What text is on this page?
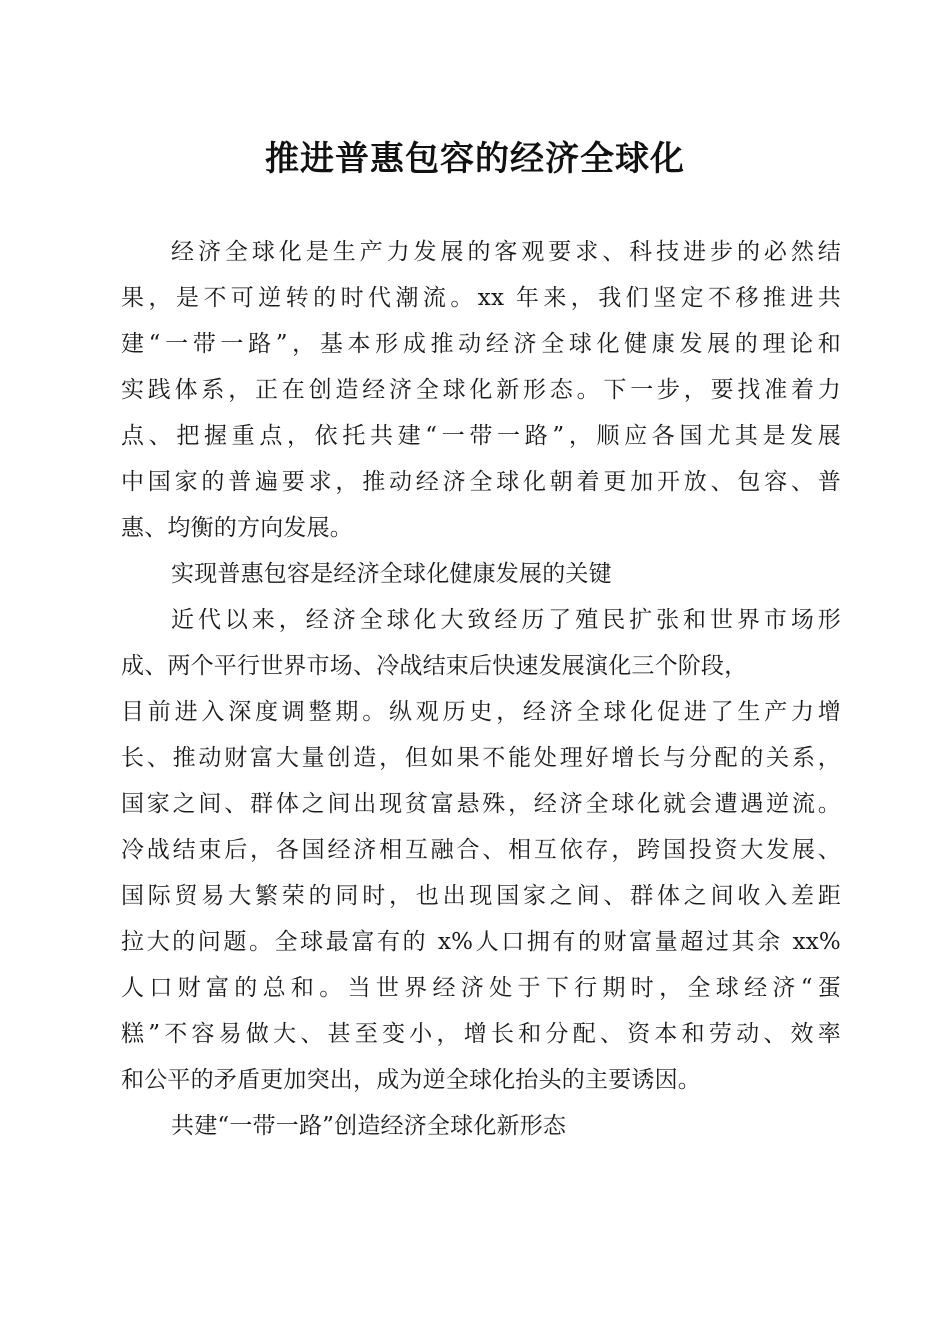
推进普惠包容的经济全球化
经济全球化是生产力发展的客观要求、科技进步的必然结
果，是不可逆转的时代潮流。xx 年来，我们坚定不移推进共
建“一带一路”，基本形成推动经济全球化健康发展的理论和
实践体系，正在创造经济全球化新形态。下一步，要找准着力
点、把握重点，依托共建“一带一路”，顺应各国尤其是发展
中国家的普遍要求，推动经济全球化朝着更加开放、包容、普
惠、均衡的方向发展。
实现普惠包容是经济全球化健康发展的关键
近代以来，经济全球化大致经历了殖民扩张和世界市场形
成、两个平行世界市场、冷战结束后快速发展演化三个阶段，
目前进入深度调整期。纵观历史，经济全球化促进了生产力增
长、推动财富大量创造，但如果不能处理好增长与分配的关系，
国家之间、群体之间出现贫富悬殊，经济全球化就会遭遇逆流。
冷战结束后，各国经济相互融合、相互依存，跨国投资大发展、
国际贸易大繁荣的同时，也出现国家之间、群体之间收入差距
拉大的问题。全球最富有的 x%人口拥有的财富量超过其余 xx%
人口财富的总和。当世界经济处于下行期时，全球经济“蛋
糕”不容易做大、甚至变小，增长和分配、资本和劳动、效率
和公平的矛盾更加突出，成为逆全球化抬头的主要诱因。
共建“一带一路”创造经济全球化新形态
